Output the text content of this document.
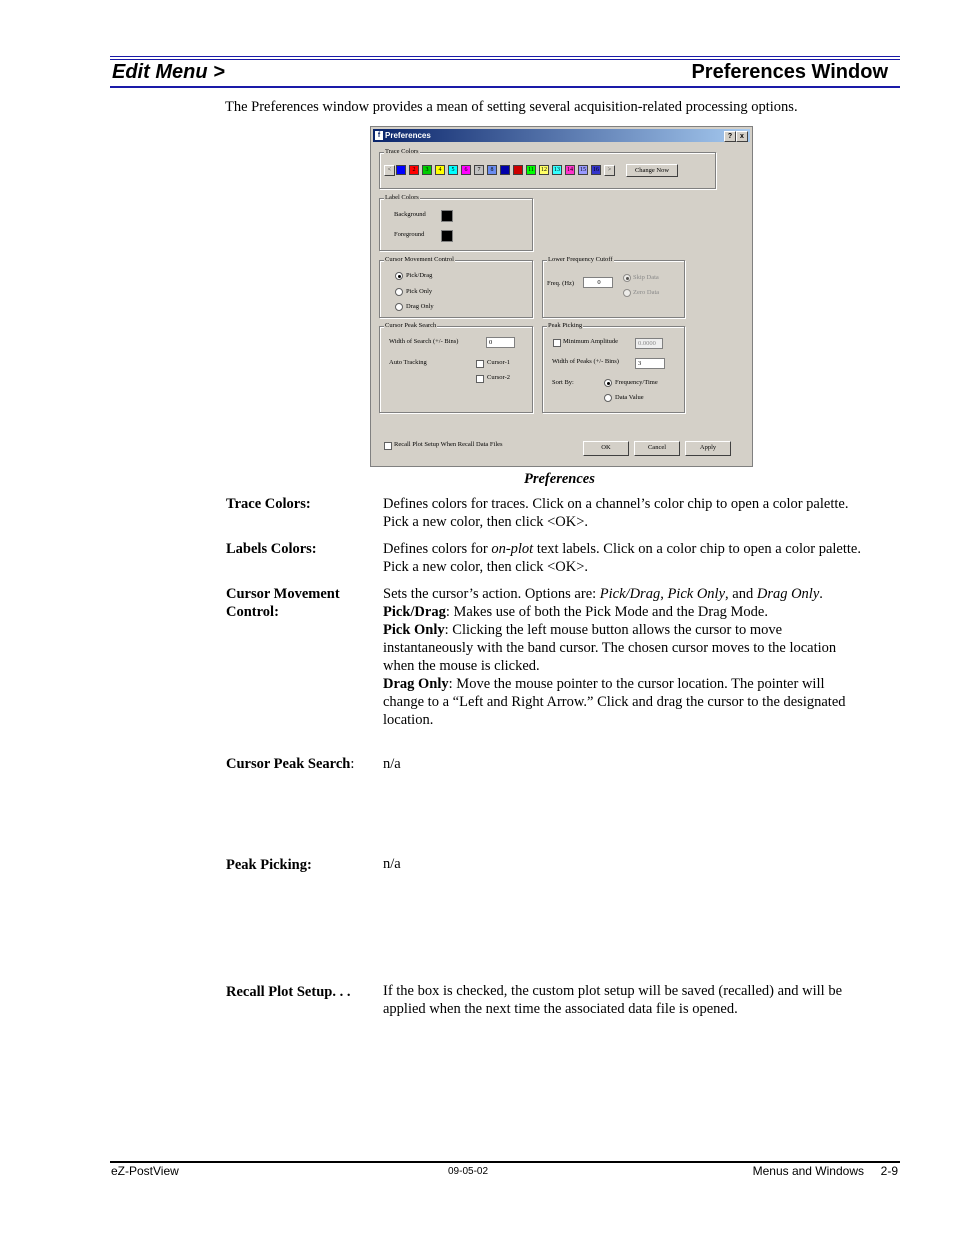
Edit Menu >	Preferences Window
The Preferences window provides a mean of setting several acquisition-related processing options.
f Preferences	?	x
Trace Colors
<	2	3	4	5	6	7	8	11	12	13	14	15	16	>	Change Now
Label Colors
Background
Foreground
Cursor Movement Control
Pick/Drag
Pick Only
Drag Only
Lower Frequency Cutoff
Freq. (Hz)	0
Skip Data
Zero Data
Cursor Peak Search
Width of Search (+/- Bins)	0
Auto Tracking	Cursor-1
Cursor-2
Peak Picking
Minimum Amplitude	0.0000
Width of Peaks (+/- Bins)	3
Sort By:	Frequency/Time
Data Value
Recall Plot Setup When Recall Data Files	OK	Cancel	Apply
Preferences
Trace Colors:	Defines colors for traces. Click on a channel’s color chip to open a color palette.
Pick a new color, then click <OK>.
Labels Colors:	Defines colors for on-plot text labels. Click on a color chip to open a color palette.
Pick a new color, then click <OK>.
Cursor Movement
Control:
Sets the cursor’s action. Options are: Pick/Drag, Pick Only, and Drag Only.
Pick/Drag: Makes use of both the Pick Mode and the Drag Mode.
Pick Only: Clicking the left mouse button allows the cursor to move
instantaneously with the band cursor. The chosen cursor moves to the location
when the mouse is clicked.
Drag Only: Move the mouse pointer to the cursor location. The pointer will
change to a “Left and Right Arrow.” Click and drag the cursor to the designated
location.
Cursor Peak Search: n/a
Peak Picking:	n/a
Recall Plot Setup. . . If the box is checked, the custom plot setup will be saved (recalled) and will be
applied when the next time the associated data file is opened.
eZ-PostView	09-05-02	Menus and Windows     2-9
